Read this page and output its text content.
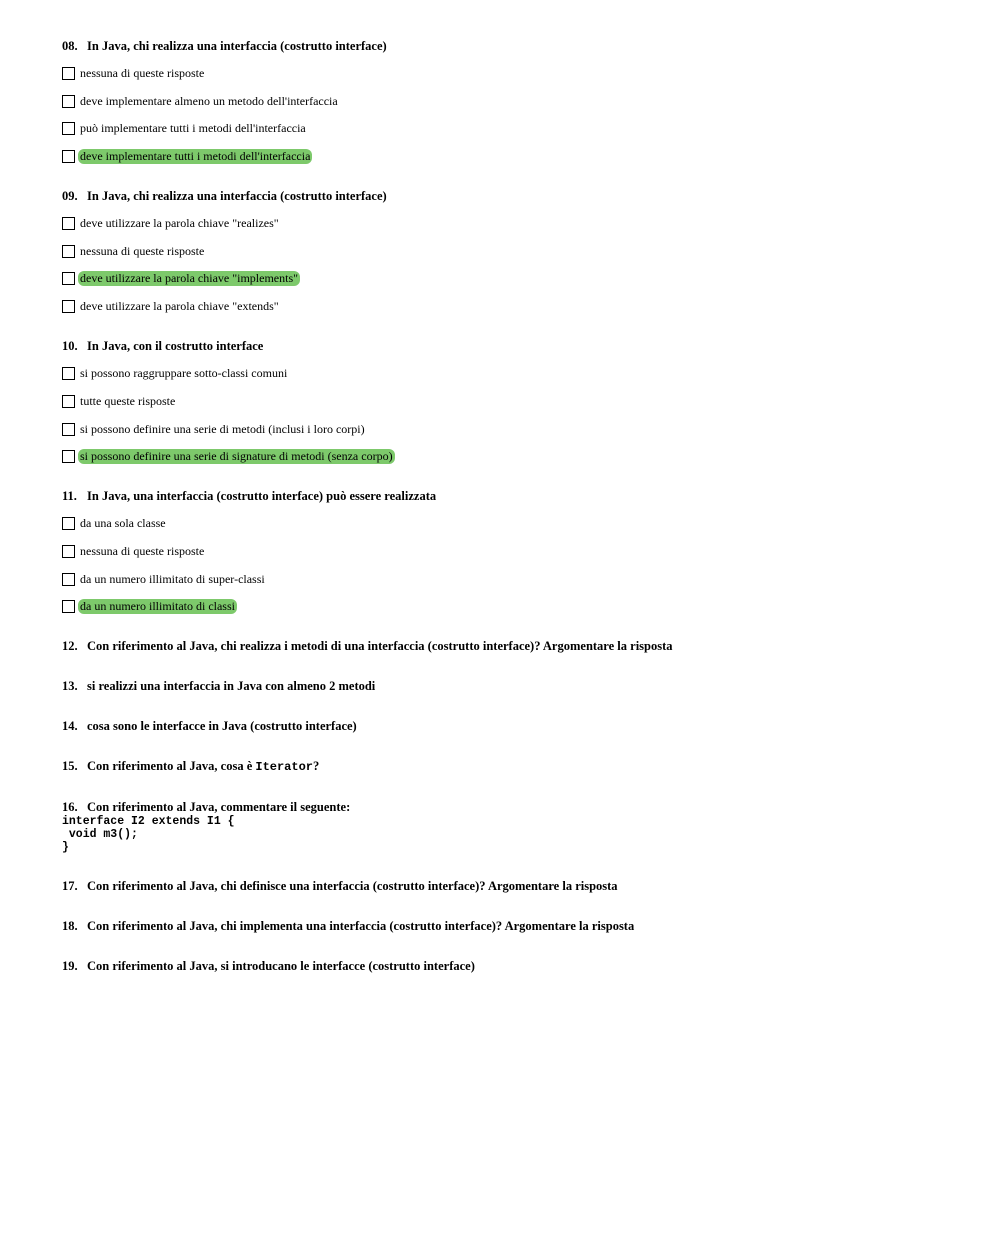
08. In Java, chi realizza una interfaccia (costrutto interface)
nessuna di queste risposte
deve implementare almeno un metodo dell'interfaccia
può implementare tutti i metodi dell'interfaccia
deve implementare tutti i metodi dell'interfaccia
09. In Java, chi realizza una interfaccia (costrutto interface)
deve utilizzare la parola chiave "realizes"
nessuna di queste risposte
deve utilizzare la parola chiave "implements"
deve utilizzare la parola chiave "extends"
10. In Java, con il costrutto interface
si possono raggruppare sotto-classi comuni
tutte queste risposte
si possono definire una serie di metodi (inclusi i loro corpi)
si possono definire una serie di signature di metodi (senza corpo)
11. In Java, una interfaccia (costrutto interface) può essere realizzata
da una sola classe
nessuna di queste risposte
da un numero illimitato di super-classi
da un numero illimitato di classi
12. Con riferimento al Java, chi realizza i metodi di una interfaccia (costrutto interface)? Argomentare la risposta
13. si realizzi una interfaccia in Java con almeno 2 metodi
14. cosa sono le interfacce in Java (costrutto interface)
15. Con riferimento al Java, cosa è Iterator?
16. Con riferimento al Java, commentare il seguente:
interface I2 extends I1 {
void m3();
}
17. Con riferimento al Java, chi definisce una interfaccia (costrutto interface)? Argomentare la risposta
18. Con riferimento al Java, chi implementa una interfaccia (costrutto interface)? Argomentare la risposta
19. Con riferimento al Java, si introducano le interfacce (costrutto interface)
